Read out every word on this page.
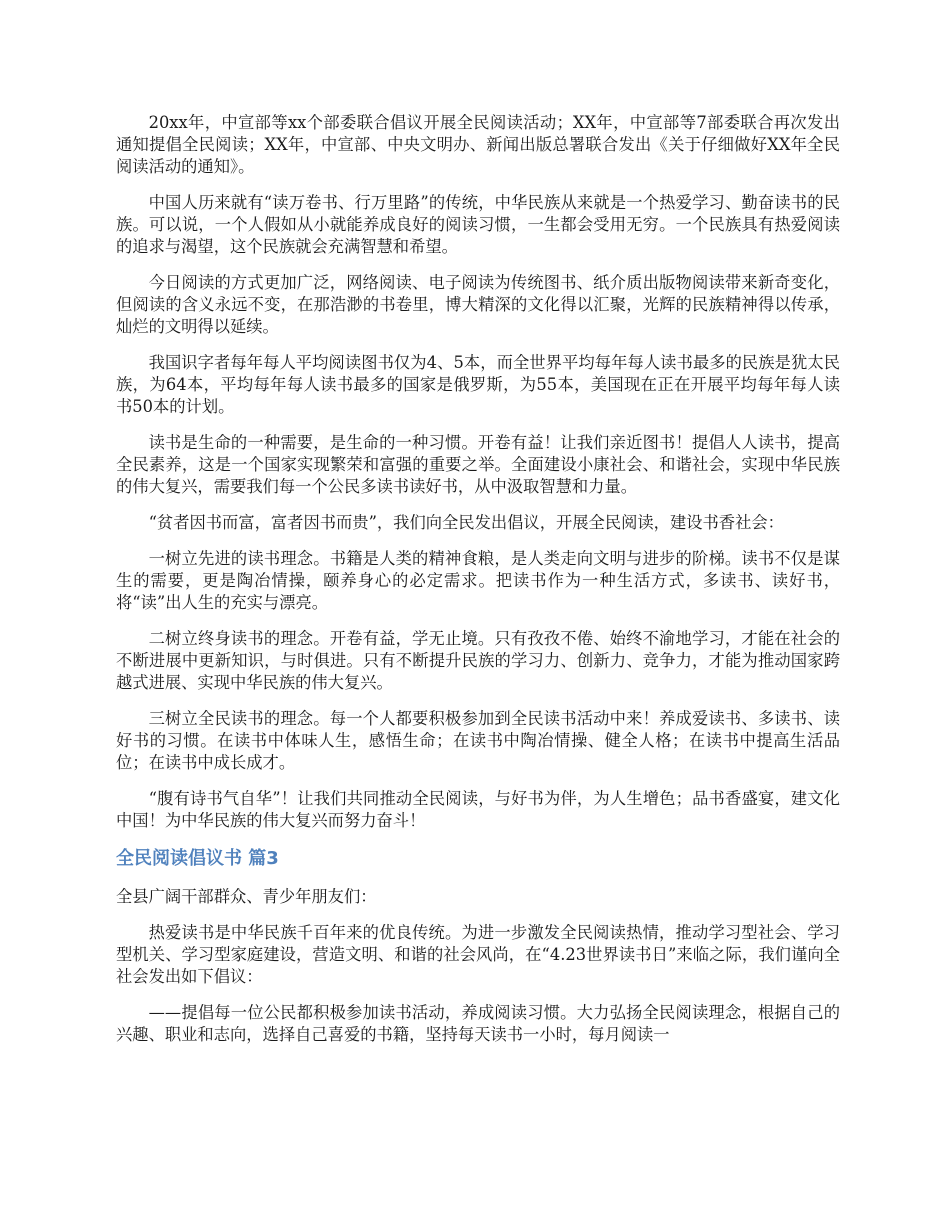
20xx年，中宣部等xx个部委联合倡议开展全民阅读活动；XX年，中宣部等7部委联合再次发出通知提倡全民阅读；XX年，中宣部、中央文明办、新闻出版总署联合发出《关于仔细做好XX年全民阅读活动的通知》。

中国人历来就有“读万卷书、行万里路”的传统，中华民族从来就是一个热爱学习、勤奋读书的民族。可以说，一个人假如从小就能养成良好的阅读习惯，一生都会受用无穷。一个民族具有热爱阅读的追求与渴望，这个民族就会充满智慧和希望。

今日阅读的方式更加广泛，网络阅读、电子阅读为传统图书、纸介质出版物阅读带来新奇变化，但阅读的含义永远不变，在那浩渺的书卷里，博大精深的文化得以汇聚，光辉的民族精神得以传承，灿烂的文明得以延续。

我国识字者每年每人平均阅读图书仅为4、5本，而全世界平均每年每人读书最多的民族是犹太民族，为64本，平均每年每人读书最多的国家是俄罗斯，为55本，美国现在正在开展平均每年每人读书50本的计划。

读书是生命的一种需要，是生命的一种习惯。开卷有益！让我们亲近图书！提倡人人读书，提高全民素养，这是一个国家实现繁荣和富强的重要之举。全面建设小康社会、和谐社会，实现中华民族的伟大复兴，需要我们每一个公民多读书读好书，从中汲取智慧和力量。

“贫者因书而富，富者因书而贵”，我们向全民发出倡议，开展全民阅读，建设书香社会：

一树立先进的读书理念。书籍是人类的精神食粮，是人类走向文明与进步的阶梯。读书不仅是谋生的需要，更是陶冶情操，颐养身心的必定需求。把读书作为一种生活方式，多读书、读好书，将“读”出人生的充实与漂亮。

二树立终身读书的理念。开卷有益，学无止境。只有孜孜不倦、始终不渝地学习，才能在社会的不断进展中更新知识，与时俱进。只有不断提升民族的学习力、创新力、竞争力，才能为推动国家跨越式进展、实现中华民族的伟大复兴。

三树立全民读书的理念。每一个人都要积极参加到全民读书活动中来！养成爱读书、多读书、读好书的习惯。在读书中体味人生，感悟生命；在读书中陶冶情操、健全人格；在读书中提高生活品位；在读书中成长成才。

“腹有诗书气自华”！让我们共同推动全民阅读，与好书为伴，为人生增色；品书香盛宴，建文化中国！为中华民族的伟大复兴而努力奋斗！

全民阅读倡议书 篇3

全县广阔干部群众、青少年朋友们：

热爱读书是中华民族千百年来的优良传统。为进一步激发全民阅读热情，推动学习型社会、学习型机关、学习型家庭建设，营造文明、和谐的社会风尚，在“4.23世界读书日”来临之际，我们谨向全社会发出如下倡议：

——提倡每一位公民都积极参加读书活动，养成阅读习惯。大力弘扬全民阅读理念，根据自己的兴趣、职业和志向，选择自己喜爱的书籍，坚持每天读书一小时，每月阅读一
